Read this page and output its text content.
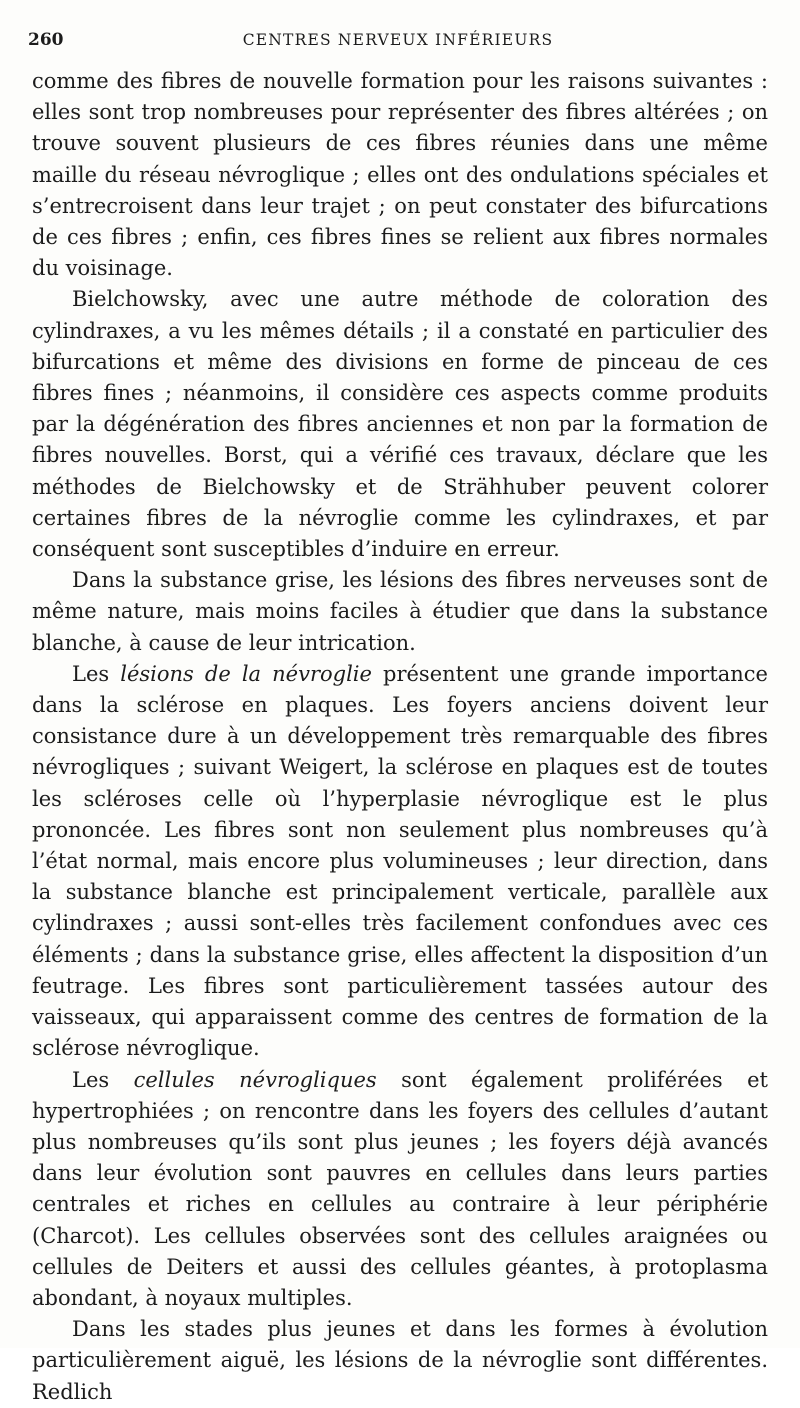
260	CENTRES NERVEUX INFÉRIEURS

comme des fibres de nouvelle formation pour les raisons suivantes : elles sont trop nombreuses pour représenter des fibres altérées ; on trouve souvent plusieurs de ces fibres réunies dans une même maille du réseau névroglique ; elles ont des ondulations spéciales et s’entrecroisent dans leur trajet ; on peut constater des bifurcations de ces fibres ; enfin, ces fibres fines se relient aux fibres normales du voisinage.

Bielchowsky, avec une autre méthode de coloration des cylindraxes, a vu les mêmes détails ; il a constaté en particulier des bifurcations et même des divisions en forme de pinceau de ces fibres fines ; néanmoins, il considère ces aspects comme produits par la dégénération des fibres anciennes et non par la formation de fibres nouvelles. Borst, qui a vérifié ces travaux, déclare que les méthodes de Bielchowsky et de Strähhuber peuvent colorer certaines fibres de la névroglie comme les cylindraxes, et par conséquent sont susceptibles d’induire en erreur.

Dans la substance grise, les lésions des fibres nerveuses sont de même nature, mais moins faciles à étudier que dans la substance blanche, à cause de leur intrication.

Les lésions de la névroglie présentent une grande importance dans la sclérose en plaques. Les foyers anciens doivent leur consistance dure à un développement très remarquable des fibres névrogliques ; suivant Weigert, la sclérose en plaques est de toutes les scléroses celle où l’hyperplasie névroglique est le plus prononcée. Les fibres sont non seulement plus nombreuses qu’à l’état normal, mais encore plus volumineuses ; leur direction, dans la substance blanche est principalement verticale, parallèle aux cylindraxes ; aussi sont-elles très facilement confondues avec ces éléments ; dans la substance grise, elles affectent la disposition d’un feutrage. Les fibres sont particulièrement tassées autour des vaisseaux, qui apparaissent comme des centres de formation de la sclérose névroglique.

Les cellules névrogliques sont également proliférées et hypertrophiées ; on rencontre dans les foyers des cellules d’autant plus nombreuses qu’ils sont plus jeunes ; les foyers déjà avancés dans leur évolution sont pauvres en cellules dans leurs parties centrales et riches en cellules au contraire à leur périphérie (Charcot). Les cellules observées sont des cellules araignées ou cellules de Deiters et aussi des cellules géantes, à protoplasma abondant, à noyaux multiples.

Dans les stades plus jeunes et dans les formes à évolution particulièrement aiguë, les lésions de la névroglie sont différentes. Redlich
